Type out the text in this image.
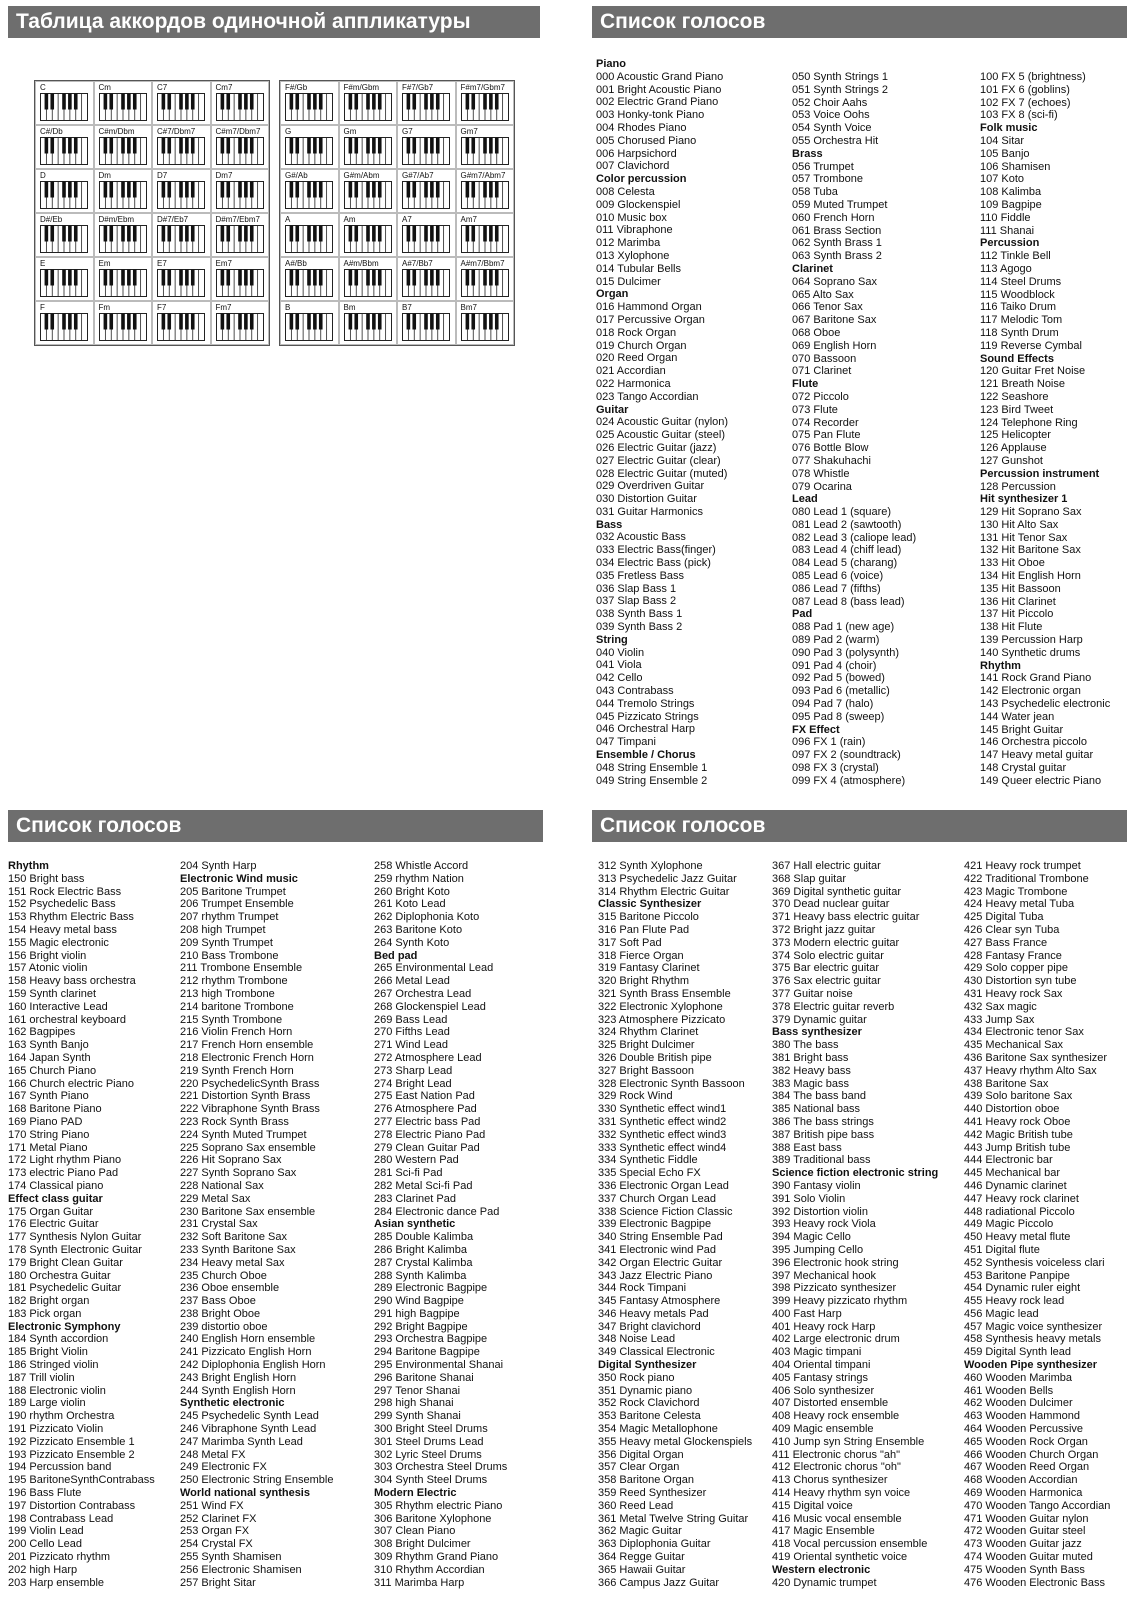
Таблица аккордов одиночной аппликатуры	Список голосов
Список голосов	Список голосов
C	Cm	C7	Cm7
C#/Db	C#m/Dbm	C#7/Dbm7	C#m7/Dbm7
D	Dm	D7	Dm7
D#/Eb	D#m/Ebm	D#7/Eb7	D#m7/Ebm7
E	Em	E7	Em7
F	Fm	F7	Fm7
F#/Gb	F#m/Gbm	F#7/Gb7	F#m7/Gbm7
G	Gm	G7	Gm7
G#/Ab	G#m/Abm	G#7/Ab7	G#m7/Abm7
A	Am	A7	Am7
A#/Bb	A#m/Bbm	A#7/Bb7	A#m7/Bbm7
B	Bm	B7	Bm7
Piano
000 Acoustic Grand Piano
001 Bright Acoustic Piano
002 Electric Grand Piano
003 Honky-tonk Piano
004 Rhodes Piano
005 Chorused Piano
006 Harpsichord
007 Clavichord
Color percussion
008 Celesta
009 Glockenspiel
010 Music box
011 Vibraphone
012 Marimba
013 Xylophone
014 Tubular Bells
015 Dulcimer
Organ
016 Hammond Organ
017 Percussive Organ
018 Rock Organ
019 Church Organ
020 Reed Organ
021 Accordian
022 Harmonica
023 Tango Accordian
Guitar
024 Acoustic Guitar (nylon)
025 Acoustic Guitar (steel)
026 Electric Guitar (jazz)
027 Electric Guitar (clear)
028 Electric Guitar (muted)
029 Overdriven Guitar
030 Distortion Guitar
031 Guitar Harmonics
Bass
032 Acoustic Bass
033 Electric Bass(finger)
034 Electric Bass (pick)
035 Fretless Bass
036 Slap Bass 1
037 Slap Bass 2
038 Synth Bass 1
039 Synth Bass 2
String
040 Violin
041 Viola
042 Cello
043 Contrabass
044 Tremolo Strings
045 Pizzicato Strings
046 Orchestral Harp
047 Timpani
Ensemble / Chorus
048 String Ensemble 1
049 String Ensemble 2
050 Synth Strings 1
051 Synth Strings 2
052 Choir Aahs
053 Voice Oohs
054 Synth Voice
055 Orchestra Hit
Brass
056 Trumpet
057 Trombone
058 Tuba
059 Muted Trumpet
060 French Horn
061 Brass Section
062 Synth Brass 1
063 Synth Brass 2
Clarinet
064 Soprano Sax
065 Alto Sax
066 Tenor Sax
067 Baritone Sax
068 Oboe
069 English Horn
070 Bassoon
071 Clarinet
Flute
072 Piccolo
073 Flute
074 Recorder
075 Pan Flute
076 Bottle Blow
077 Shakuhachi
078 Whistle
079 Ocarina
Lead
080 Lead 1 (square)
081 Lead 2 (sawtooth)
082 Lead 3 (caliope lead)
083 Lead 4 (chiff lead)
084 Lead 5 (charang)
085 Lead 6 (voice)
086 Lead 7 (fifths)
087 Lead 8 (bass lead)
Pad
088 Pad 1 (new age)
089 Pad 2 (warm)
090 Pad 3 (polysynth)
091 Pad 4 (choir)
092 Pad 5 (bowed)
093 Pad 6 (metallic)
094 Pad 7 (halo)
095 Pad 8 (sweep)
FX Effect
096 FX 1 (rain)
097 FX 2 (soundtrack)
098 FX 3 (crystal)
099 FX 4 (atmosphere)
100 FX 5 (brightness)
101 FX 6 (goblins)
102 FX 7 (echoes)
103 FX 8 (sci-fi)
Folk music
104 Sitar
105 Banjo
106 Shamisen
107 Koto
108 Kalimba
109 Bagpipe
110 Fiddle
111 Shanai
Percussion
112 Tinkle Bell
113 Agogo
114 Steel Drums
115 Woodblock
116 Taiko Drum
117 Melodic Tom
118 Synth Drum
119 Reverse Cymbal
Sound Effects
120 Guitar Fret Noise
121 Breath Noise
122 Seashore
123 Bird Tweet
124 Telephone Ring
125 Helicopter
126 Applause
127 Gunshot
Percussion instrument
128 Percussion
Hit synthesizer 1
129 Hit Soprano Sax
130 Hit Alto Sax
131 Hit Tenor Sax
132 Hit Baritone Sax
133 Hit Oboe
134 Hit English Horn
135 Hit Bassoon
136 Hit Clarinet
137 Hit Piccolo
138 Hit Flute
139 Percussion Harp
140 Synthetic drums
Rhythm
141 Rock Grand Piano
142 Electronic organ
143 Psychedelic electronic
144 Water jean
145 Bright Guitar
146 Orchestra piccolo
147 Heavy metal guitar
148 Crystal guitar
149 Queer electric Piano
Rhythm
150 Bright bass
151 Rock Electric Bass
152 Psychedelic Bass
153 Rhythm Electric Bass
154 Heavy metal bass
155 Magic electronic
156 Bright violin
157 Atonic violin
158 Heavy bass orchestra
159 Synth clarinet
160 Interactive Lead
161 orchestral keyboard
162 Bagpipes
163 Synth Banjo
164 Japan Synth
165 Church Piano
166 Church electric Piano
167 Synth Piano
168 Baritone Piano
169 Piano PAD
170 String Piano
171 Metal Piano
172 Light rhythm Piano
173 electric Piano Pad
174 Classical piano
Effect class guitar
175 Organ Guitar
176 Electric Guitar
177 Synthesis Nylon Guitar
178 Synth Electronic Guitar
179 Bright Clean Guitar
180 Orchestra Guitar
181 Psychedelic Guitar
182 Bright organ
183 Pick organ
Electronic Symphony
184 Synth accordion
185 Bright Violin
186 Stringed violin
187 Trill violin
188 Electronic violin
189 Large violin
190 rhythm Orchestra
191 Pizzicato Violin
192 Pizzicato Ensemble 1
193 Pizzicato Ensemble 2
194 Percussion band
195 BaritoneSynthContrabass
196 Bass Flute
197 Distortion Contrabass
198 Contrabass Lead
199 Violin Lead
200 Cello Lead
201 Pizzicato rhythm
202 high Harp
203 Harp ensemble
204 Synth Harp
Electronic Wind music
205 Baritone Trumpet
206 Trumpet Ensemble
207 rhythm Trumpet
208 high Trumpet
209 Synth Trumpet
210 Bass Trombone
211 Trombone Ensemble
212 rhythm Trombone
213 high Trombone
214 baritone Trombone
215 Synth Trombone
216 Violin French Horn
217 French Horn ensemble
218 Electronic French Horn
219 Synth French Horn
220 PsychedelicSynth Brass
221 Distortion Synth Brass
222 Vibraphone Synth Brass
223 Rock Synth Brass
224 Synth Muted Trumpet
225 Soprano Sax ensemble
226 Hit Soprano Sax
227 Synth Soprano Sax
228 National Sax
229 Metal Sax
230 Baritone Sax ensemble
231 Crystal Sax
232 Soft Baritone Sax
233 Synth Baritone Sax
234 Heavy metal Sax
235 Church Oboe
236 Oboe ensemble
237 Bass Oboe
238 Bright Oboe
239 distortio oboe
240 English Horn ensemble
241 Pizzicato English Horn
242 Diplophonia English Horn
243 Bright English Horn
244 Synth English Horn
Synthetic electronic
245 Psychedelic Synth Lead
246 Vibraphone Synth Lead
247 Marimba Synth Lead
248 Metal FX
249 Electronic FX
250 Electronic String Ensemble
World national synthesis
251 Wind FX
252 Clarinet FX
253 Organ FX
254 Crystal FX
255 Synth Shamisen
256 Electronic Shamisen
257 Bright Sitar
258 Whistle Accord
259 rhythm Nation
260 Bright Koto
261 Koto Lead
262 Diplophonia Koto
263 Baritone Koto
264 Synth Koto
Bed pad
265 Environmental Lead
266 Metal Lead
267 Orchestra Lead
268 Glockenspiel Lead
269 Bass Lead
270 Fifths Lead
271 Wind Lead
272 Atmosphere Lead
273 Sharp Lead
274 Bright Lead
275 East Nation Pad
276 Atmosphere Pad
277 Electric bass Pad
278 Electric Piano Pad
279 Clean Guitar Pad
280 Western Pad
281 Sci-fi Pad
282 Metal Sci-fi Pad
283 Clarinet Pad
284 Electronic dance Pad
Asian synthetic
285 Double Kalimba
286 Bright Kalimba
287 Crystal Kalimba
288 Synth Kalimba
289 Electronic Bagpipe
290 Wind Bagpipe
291 high Bagpipe
292 Bright Bagpipe
293 Orchestra Bagpipe
294 Baritone Bagpipe
295 Environmental Shanai
296 Baritone Shanai
297 Tenor Shanai
298 high Shanai
299 Synth Shanai
300 Bright Steel Drums
301 Steel Drums Lead
302 Lyric Steel Drums
303 Orchestra Steel Drums
304 Synth Steel Drums
Modern Electric
305 Rhythm electric Piano
306 Baritone Xylophone
307 Clean Piano
308 Bright Dulcimer
309 Rhythm Grand Piano
310 Rhythm Accordian
311 Marimba Harp
312 Synth Xylophone
313 Psychedelic Jazz Guitar
314 Rhythm Electric Guitar
Classic Synthesizer
315 Baritone Piccolo
316 Pan Flute Pad
317 Soft Pad
318 Fierce Organ
319 Fantasy Clarinet
320 Bright Rhythm
321 Synth Brass Ensemble
322 Electronic Xylophone
323 Atmosphere Pizzicato
324 Rhythm Clarinet
325 Bright Dulcimer
326 Double British pipe
327 Bright Bassoon
328 Electronic Synth Bassoon
329 Rock Wind
330 Synthetic effect wind1
331 Synthetic effect wind2
332 Synthetic effect wind3
333 Synthetic effect wind4
334 Synthetic Fiddle
335 Special Echo FX
336 Electronic Organ Lead
337 Church Organ Lead
338 Science Fiction Classic
339 Electronic Bagpipe
340 String Ensemble Pad
341 Electronic wind Pad
342 Organ Electric Guitar
343 Jazz Electric Piano
344 Rock Timpani
345 Fantasy Atmosphere
346 Heavy metals Pad
347 Bright clavichord
348 Noise Lead
349 Classical Electronic
Digital Synthesizer
350 Rock piano
351 Dynamic piano
352 Rock Clavichord
353 Baritone Celesta
354 Magic Metallophone
355 Heavy metal Glockenspiels
356 Digital Organ
357 Clear Organ
358 Baritone Organ
359 Reed Synthesizer
360 Reed Lead
361 Metal Twelve String Guitar
362 Magic Guitar
363 Diplophonia Guitar
364 Regge Guitar
365 Hawaii Guitar
366 Campus Jazz Guitar
367 Hall electric guitar
368 Slap guitar
369 Digital synthetic guitar
370 Dead nuclear guitar
371 Heavy bass electric guitar
372 Bright jazz guitar
373 Modern electric guitar
374 Solo electric guitar
375 Bar electric guitar
376 Sax electric guitar
377 Guitar noise
378 Electric guitar reverb
379 Dynamic guitar
Bass synthesizer
380 The bass
381 Bright bass
382 Heavy bass
383 Magic bass
384 The bass band
385 National bass
386 The bass strings
387 British pipe bass
388 East bass
389 Traditional bass
Science fiction electronic string
390 Fantasy violin
391 Solo Violin
392 Distortion violin
393 Heavy rock Viola
394 Magic Cello
395 Jumping Cello
396 Electronic hook string
397 Mechanical hook
398 Pizzicato synthesizer
399 Heavy pizzicato rhythm
400 Fast Harp
401 Heavy rock Harp
402 Large electronic drum
403 Magic timpani
404 Oriental timpani
405 Fantasy strings
406 Solo synthesizer
407 Distorted ensemble
408 Heavy rock ensemble
409 Magic ensemble
410 Jump syn String Ensemble
411 Electronic chorus "ah"
412 Electronic chorus "oh"
413 Chorus synthesizer
414 Heavy rhythm syn voice
415 Digital voice
416 Music vocal ensemble
417 Magic Ensemble
418 Vocal percussion ensemble
419 Oriental synthetic voice
Western electronic
420 Dynamic trumpet
421 Heavy rock trumpet
422 Traditional Trombone
423 Magic Trombone
424 Heavy metal Tuba
425 Digital Tuba
426 Clear syn Tuba
427 Bass France
428 Fantasy France
429 Solo copper pipe
430 Distortion syn tube
431 Heavy rock Sax
432 Sax magic
433 Jump Sax
434 Electronic tenor Sax
435 Mechanical Sax
436 Baritone Sax synthesizer
437 Heavy rhythm Alto Sax
438 Baritone Sax
439 Solo baritone Sax
440 Distortion oboe
441 Heavy rock Oboe
442 Magic British tube
443 Jump British tube
444 Electronic bar
445 Mechanical bar
446 Dynamic clarinet
447 Heavy rock clarinet
448 radiational Piccolo
449 Magic Piccolo
450 Heavy metal flute
451 Digital flute
452 Synthesis voiceless clari
453 Baritone Panpipe
454 Dynamic ruler eight
455 Heavy rock lead
456 Magic lead
457 Magic voice synthesizer
458 Synthesis heavy metals
459 Digital Synth lead
Wooden Pipe synthesizer
460 Wooden Marimba
461 Wooden Bells
462 Wooden Dulcimer
463 Wooden Hammond
464 Wooden Percussive
465 Wooden Rock Organ
466 Wooden Church Organ
467 Wooden Reed Organ
468 Wooden Accordian
469 Wooden Harmonica
470 Wooden Tango Accordian
471 Wooden Guitar nylon
472 Wooden Guitar steel
473 Wooden Guitar jazz
474 Wooden Guitar muted
475 Wooden Synth Bass
476 Wooden Electronic Bass
